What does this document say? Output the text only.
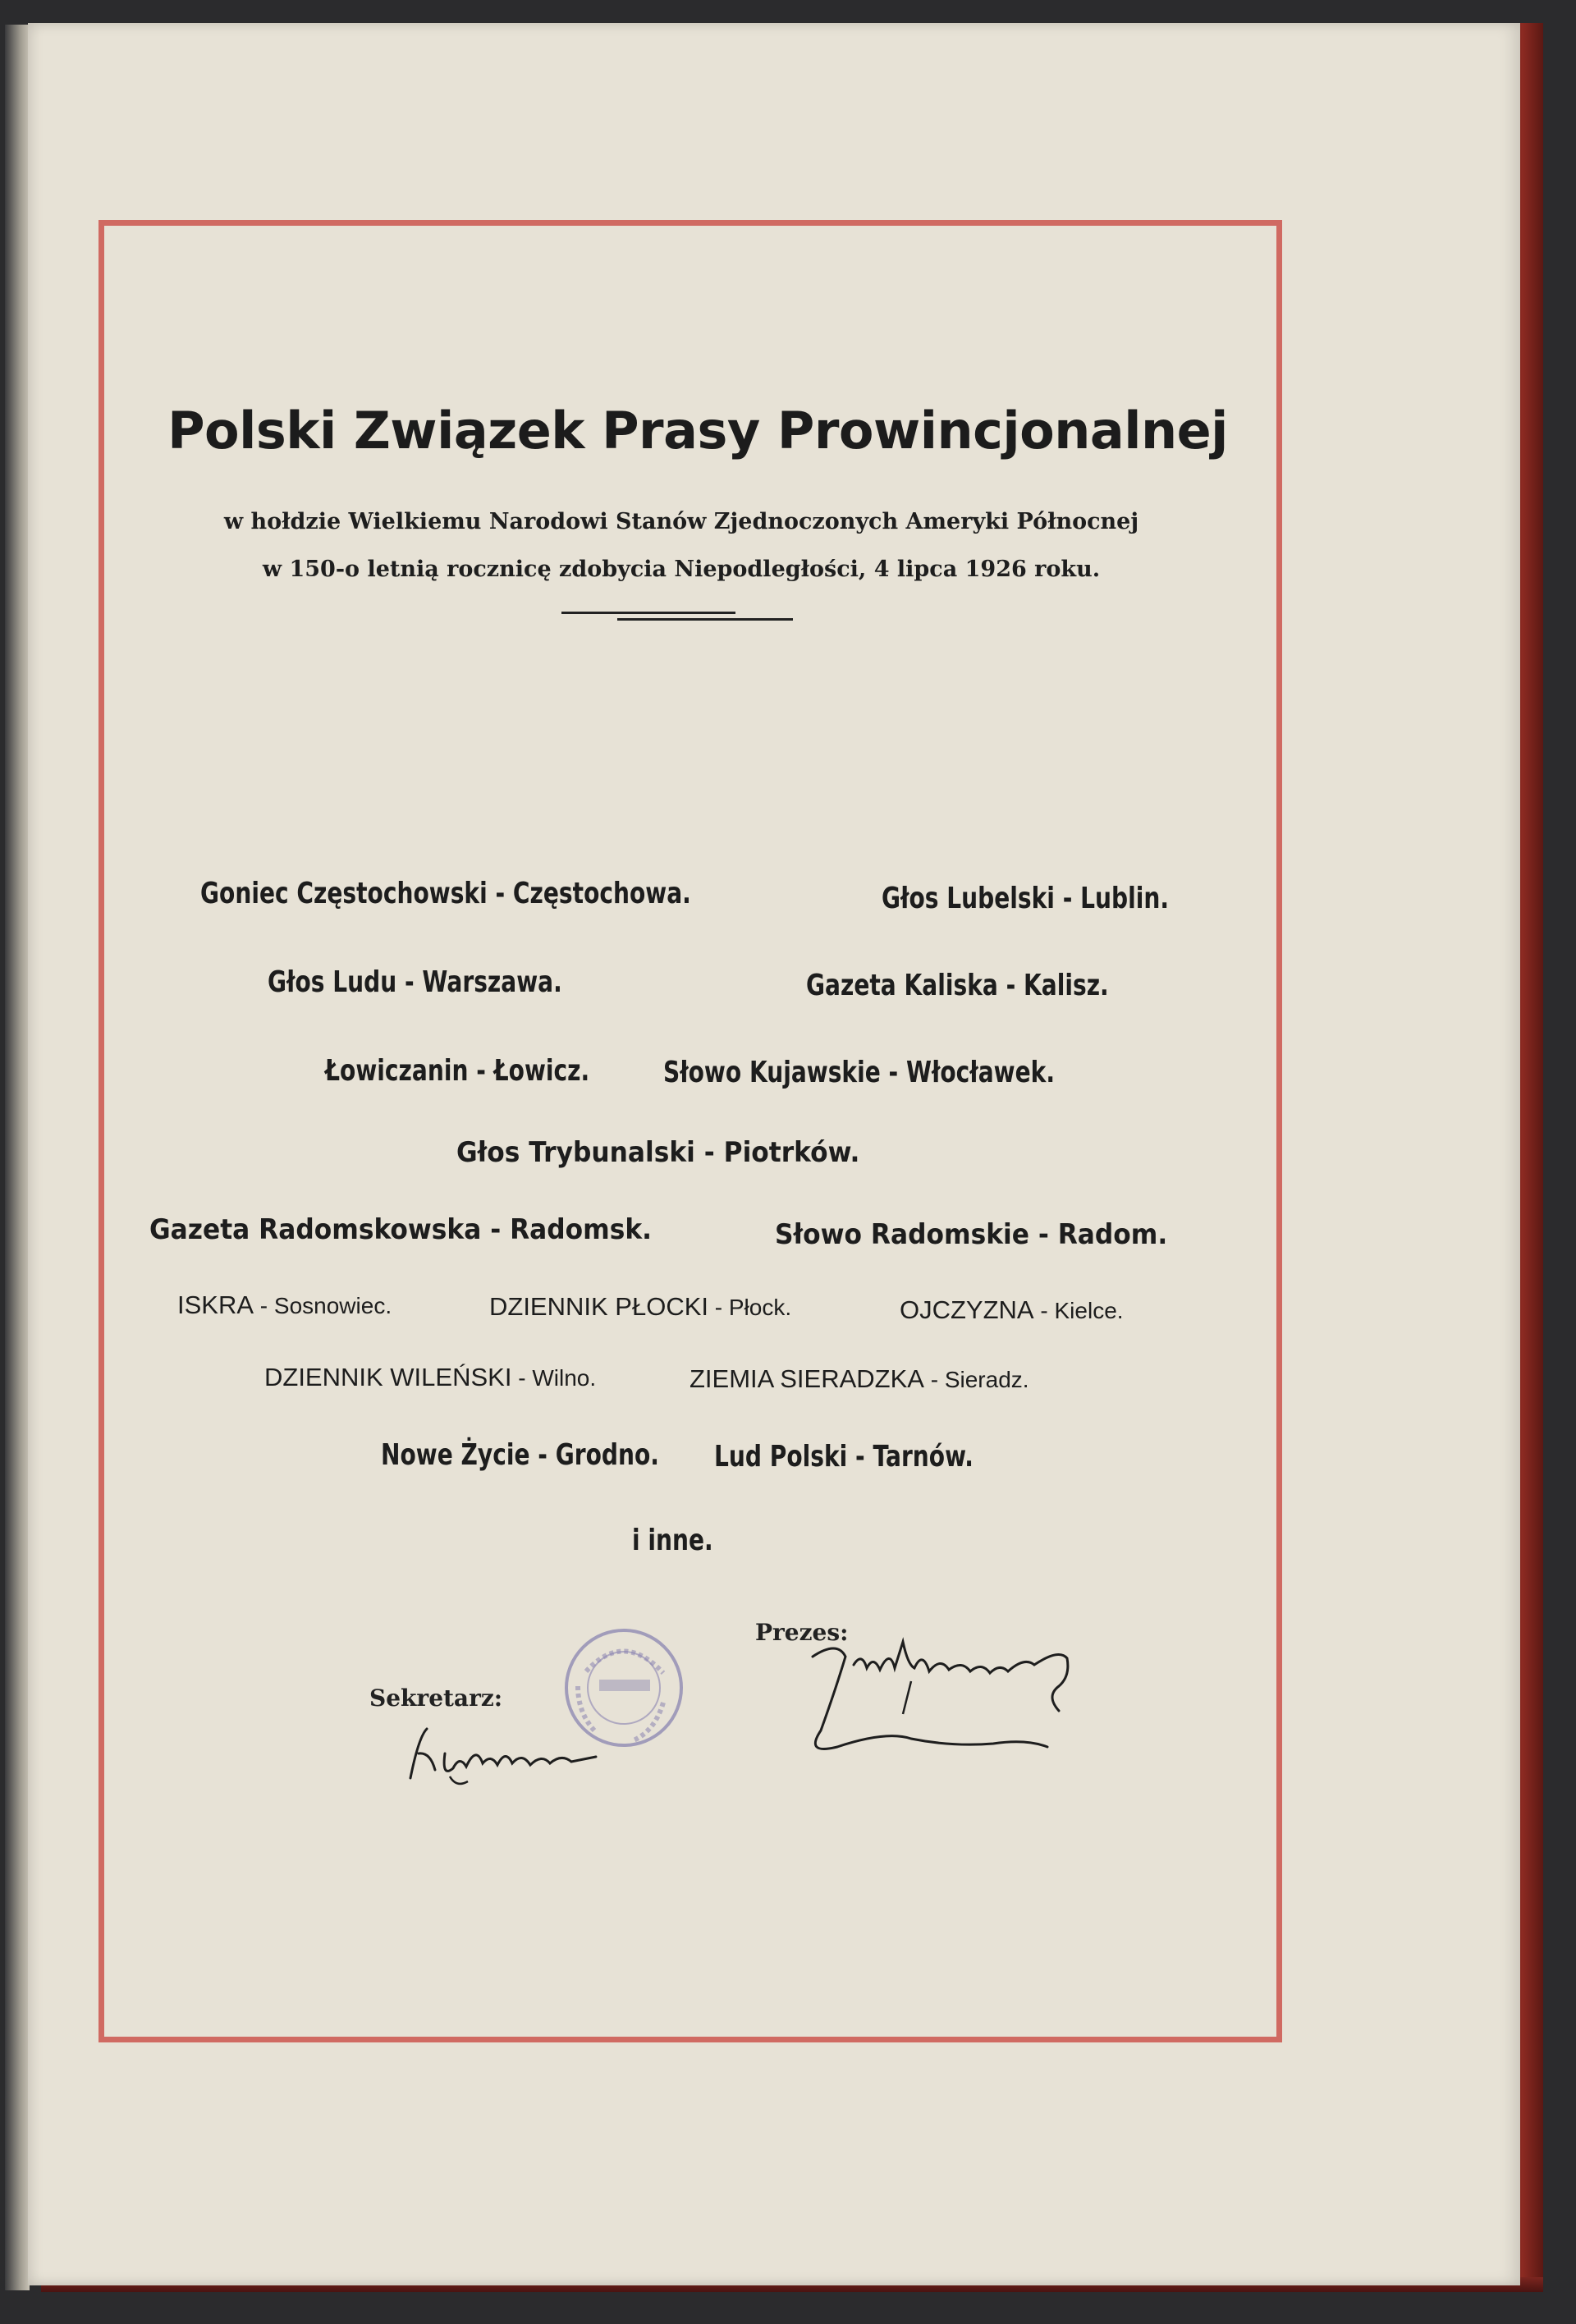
Polski Związek Prasy Prowincjonalnej
w hołdzie Wielkiemu Narodowi Stanów Zjednoczonych Ameryki Północnej
w 150-o letnią rocznicę zdobycia Niepodległości, 4 lipca 1926 roku.
Goniec Częstochowski - Częstochowa.	Głos Lubelski - Lublin.
Głos Ludu - Warszawa.	Gazeta Kaliska - Kalisz.
Łowiczanin - Łowicz. Słowo Kujawskie - Włocławek.
Głos Trybunalski - Piotrków.
Gazeta Radomskowska - Radomsk.	Słowo Radomskie - Radom.
ISKRA - Sosnowiec.	DZIENNIK PŁOCKI - Płock.	OJCZYZNA - Kielce.
DZIENNIK WILEŃSKI - Wilno.	ZIEMIA SIERADZKA - Sieradz.
Nowe Życie - Grodno. Lud Polski - Tarnów.
i inne.
Prezes:
Sekretarz:
